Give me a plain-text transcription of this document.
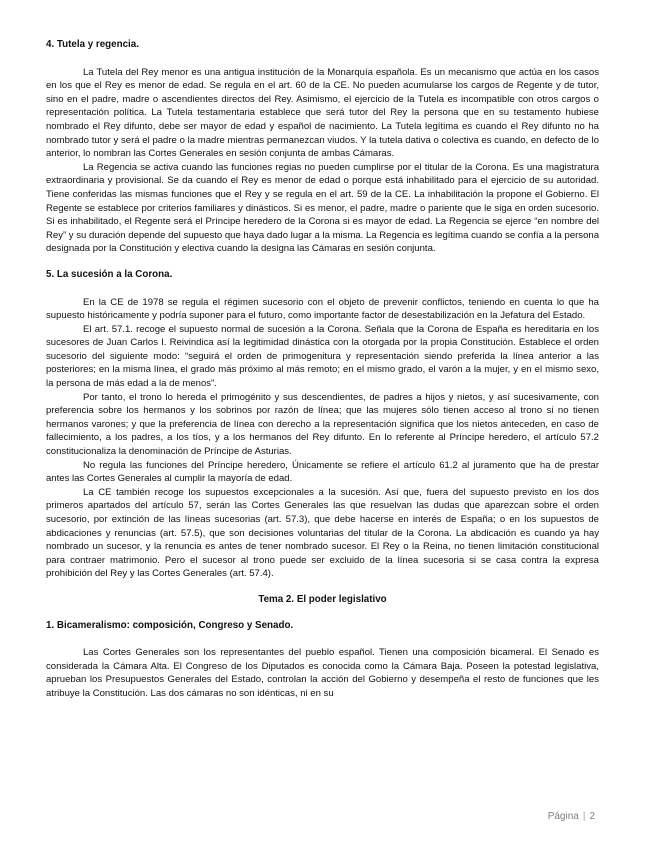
4. Tutela y regencia.

La Tutela del Rey menor es una antigua institución de la Monarquía española. Es un mecanismo que actúa en los casos en los que el Rey es menor de edad. Se regula en el art. 60 de la CE. No pueden acumularse los cargos de Regente y de tutor, sino en el padre, madre o ascendientes directos del Rey. Asimismo, el ejercicio de la Tutela es incompatible con otros cargos o representación política. La Tutela testamentaria establece que será tutor del Rey la persona que en su testamento hubiese nombrado el Rey difunto, debe ser mayor de edad y español de nacimiento. La Tutela legítima es cuando el Rey difunto no ha nombrado tutor y será el padre o la madre mientras permanezcan viudos. Y la tutela dativa o colectiva es cuando, en defecto de lo anterior, lo nombran las Cortes Generales en sesión conjunta de ambas Cámaras.

La Regencia se activa cuando las funciones regias no pueden cumplirse por el titular de la Corona. Es una magistratura extraordinaria y provisional. Se da cuando el Rey es menor de edad o porque está inhabilitado para el ejercicio de su autoridad. Tiene conferidas las mismas funciones que el Rey y se regula en el art. 59 de la CE. La inhabilitación la propone el Gobierno. El Regente se establece por criterios familiares y dinásticos. Si es menor, el padre, madre o pariente que le siga en orden sucesorio. Si es inhabilitado, el Regente será el Príncipe heredero de la Corona si es mayor de edad. La Regencia se ejerce “en nombre del Rey” y su duración depende del supuesto que haya dado lugar a la misma. La Regencia es legítima cuando se confía a la persona designada por la Constitución y electiva cuando la designa las Cámaras en sesión conjunta.

5. La sucesión a la Corona.

En la CE de 1978 se regula el régimen sucesorio con el objeto de prevenir conflictos, teniendo en cuenta lo que ha supuesto históricamente y podría suponer para el futuro, como importante factor de desestabilización en la Jefatura del Estado.

El art. 57.1. recoge el supuesto normal de sucesión a la Corona. Señala que la Corona de España es hereditaria en los sucesores de Juan Carlos I. Reivindica así la legitimidad dinástica con la otorgada por la propia Constitución. Establece el orden sucesorio del siguiente modo: “seguirá el orden de primogenitura y representación siendo preferida la línea anterior a las posteriores; en la misma línea, el grado más próximo al más remoto; en el mismo grado, el varón a la mujer, y en el mismo sexo, la persona de más edad a la de menos”.

Por tanto, el trono lo hereda el primogénito y sus descendientes, de padres a hijos y nietos, y así sucesivamente, con preferencia sobre los hermanos y los sobrinos por razón de línea; que las mujeres sólo tienen acceso al trono si no tienen hermanos varones; y que la preferencia de línea con derecho a la representación significa que los nietos anteceden, en caso de fallecimiento, a los padres, a los tíos, y a los hermanos del Rey difunto. En lo referente al Príncipe heredero, el artículo 57.2 constitucionaliza la denominación de Príncipe de Asturias.

No regula las funciones del Príncipe heredero, Únicamente se refiere el artículo 61.2 al juramento que ha de prestar antes las Cortes Generales al cumplir la mayoría de edad.

La CE también recoge los supuestos excepcionales a la sucesión. Así que, fuera del supuesto previsto en los dos primeros apartados del artículo 57, serán las Cortes Generales las que resuelvan las dudas que aparezcan sobre el orden sucesorio, por extinción de las líneas sucesorias (art. 57.3), que debe hacerse en interés de España; o en los supuestos de abdicaciones y renuncias (art. 57.5), que son decisiones voluntarias del titular de la Corona. La abdicación es cuando ya hay nombrado un sucesor, y la renuncia es antes de tener nombrado sucesor. El Rey o la Reina, no tienen limitación constitucional para contraer matrimonio. Pero el sucesor al trono puede ser excluido de la línea sucesoria si se casa contra la expresa prohibición del Rey y las Cortes Generales (art. 57.4).

Tema 2. El poder legislativo
1. Bicameralismo: composición, Congreso y Senado.

Las Cortes Generales son los representantes del pueblo español. Tienen una composición bicameral. El Senado es considerada la Cámara Alta. El Congreso de los Diputados es conocida como la Cámara Baja. Poseen la potestad legislativa, aprueban los Presupuestos Generales del Estado, controlan la acción del Gobierno y desempeña el resto de funciones que les atribuye la Constitución. Las dos cámaras no son idénticas, ni en su

Página | 2
